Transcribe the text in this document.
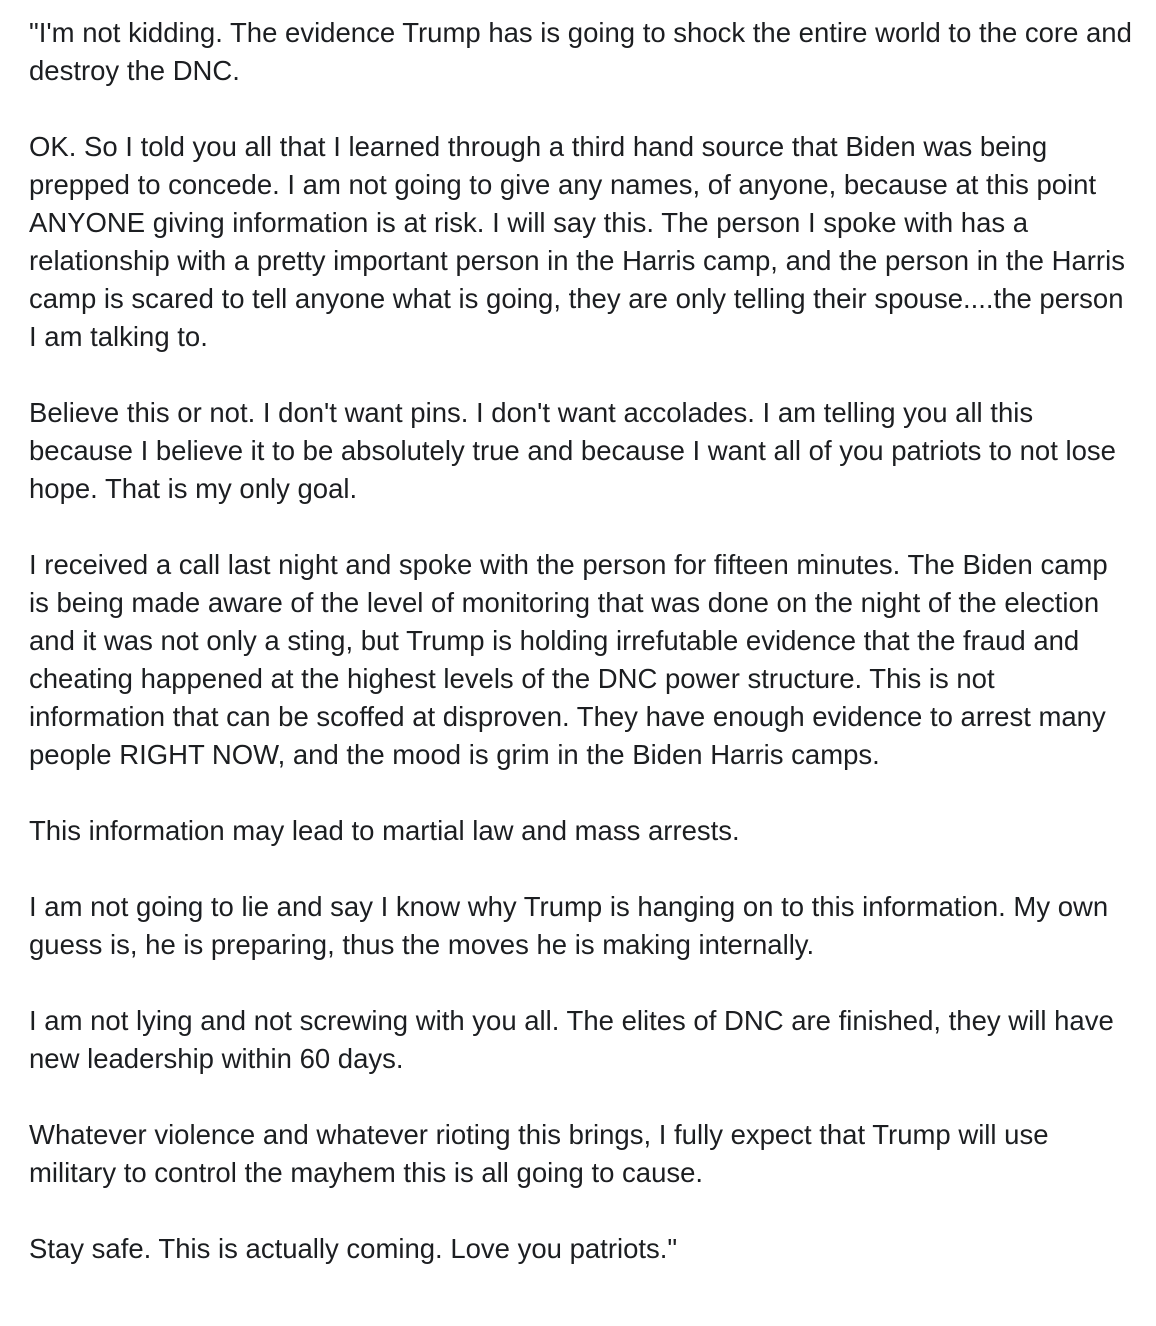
"I'm not kidding. The evidence Trump has is going to shock the entire world to the core and destroy the DNC.

OK. So I told you all that I learned through a third hand source that Biden was being prepped to concede. I am not going to give any names, of anyone, because at this point ANYONE giving information is at risk. I will say this. The person I spoke with has a relationship with a pretty important person in the Harris camp, and the person in the Harris camp is scared to tell anyone what is going, they are only telling their spouse....the person I am talking to.

Believe this or not. I don't want pins. I don't want accolades. I am telling you all this because I believe it to be absolutely true and because I want all of you patriots to not lose hope. That is my only goal.

I received a call last night and spoke with the person for fifteen minutes. The Biden camp is being made aware of the level of monitoring that was done on the night of the election and it was not only a sting, but Trump is holding irrefutable evidence that the fraud and cheating happened at the highest levels of the DNC power structure. This is not information that can be scoffed at disproven. They have enough evidence to arrest many people RIGHT NOW, and the mood is grim in the Biden Harris camps.

This information may lead to martial law and mass arrests.

I am not going to lie and say I know why Trump is hanging on to this information. My own guess is, he is preparing, thus the moves he is making internally.

I am not lying and not screwing with you all. The elites of DNC are finished, they will have new leadership within 60 days.

Whatever violence and whatever rioting this brings, I fully expect that Trump will use military to control the mayhem this is all going to cause.

Stay safe. This is actually coming. Love you patriots."
